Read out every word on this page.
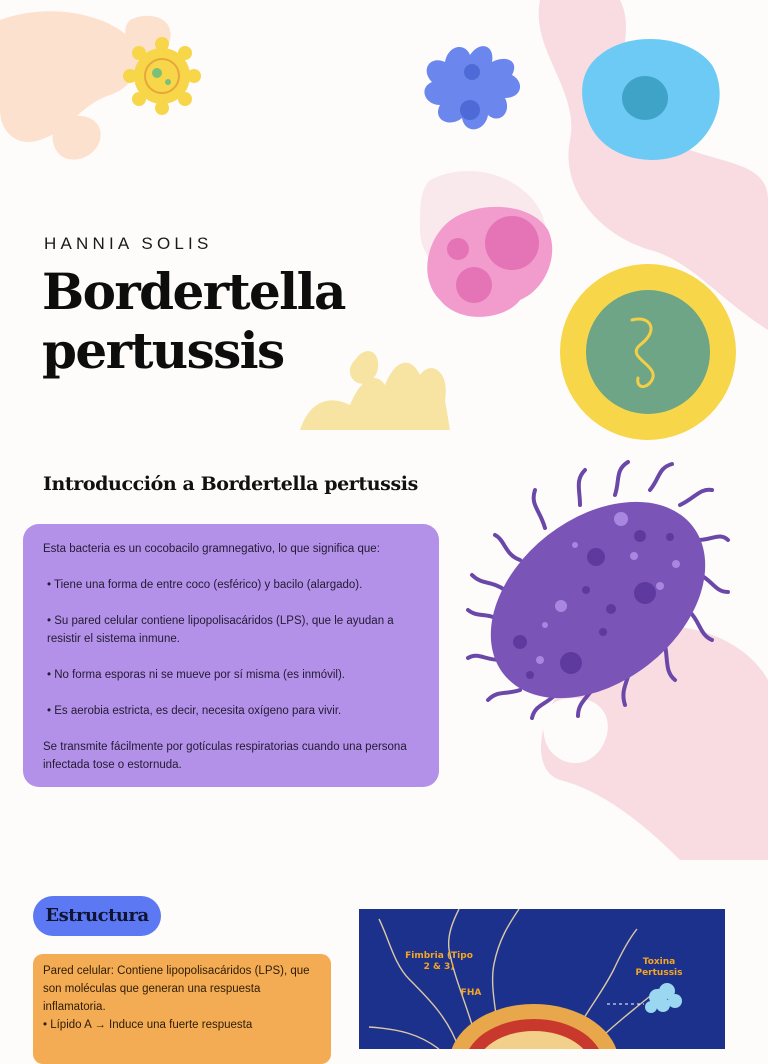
HANNIA SOLIS
Bordertella
pertussis
Introducción a Bordertella pertussis

Esta bacteria es un cocobacilo gramnegativo, lo que significa que:

• Tiene una forma de entre coco (esférico) y bacilo (alargado).

• Su pared celular contiene lipopolisacáridos (LPS), que le ayudan a resistir el sistema inmune.

• No forma esporas ni se mueve por sí misma (es inmóvil).

• Es aerobia estricta, es decir, necesita oxígeno para vivir.

Se transmite fácilmente por gotículas respiratorias cuando una persona infectada tose o estornuda.

Estructura

Pared celular: Contiene lipopolisacáridos (LPS), que son moléculas que generan una respuesta inflamatoria.

• Lípido A → Induce una fuerte respuesta

Fimbria (Tipo 2 & 3)
FHA
Toxina Pertussis
